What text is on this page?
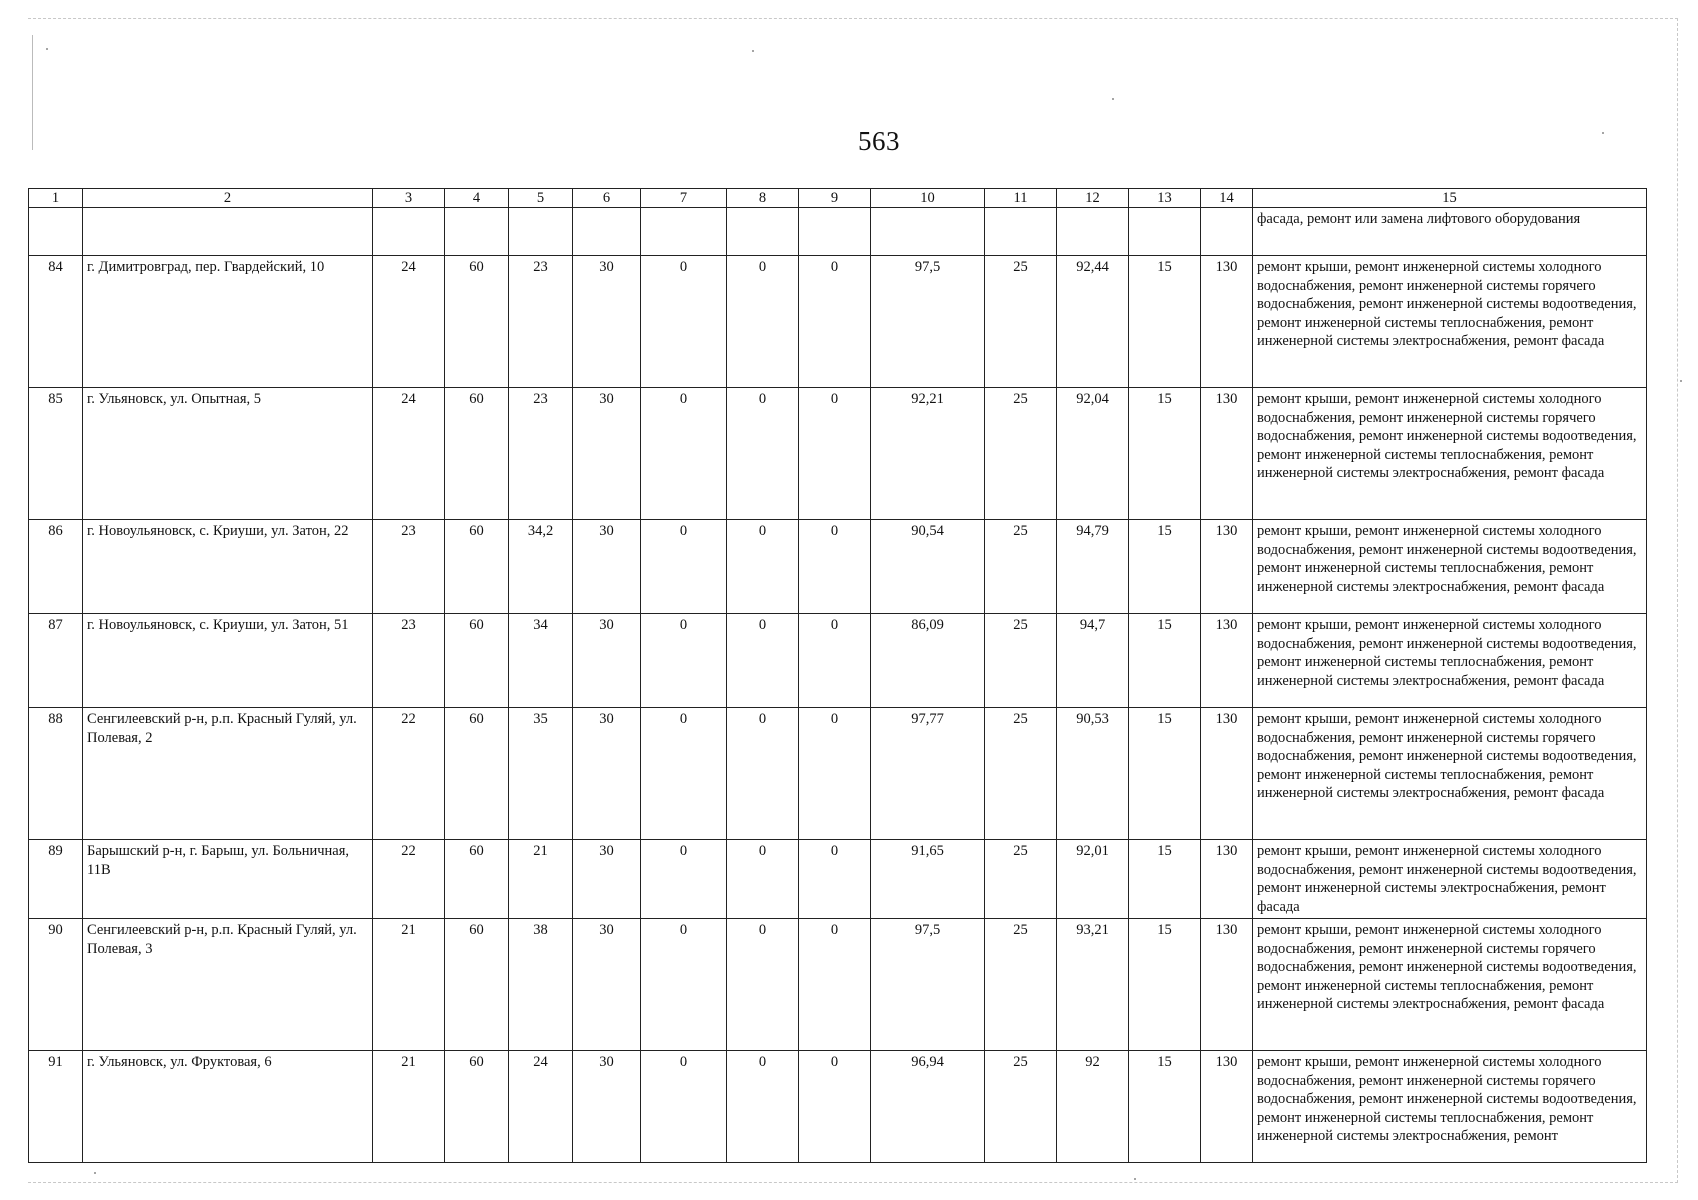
563
1	2	3	4	5	6	7	8	9	10	11	12	13	14	15
														фасада, ремонт или замена лифтового оборудования
84	г. Димитровград, пер. Гвардейский, 10	24	60	23	30	0	0	0	97,5	25	92,44	15	130	ремонт крыши, ремонт инженерной системы холодного водоснабжения, ремонт инженерной системы горячего водоснабжения, ремонт инженерной системы водоотведения, ремонт инженерной системы теплоснабжения, ремонт инженерной системы электроснабжения, ремонт фасада
85	г. Ульяновск, ул. Опытная, 5	24	60	23	30	0	0	0	92,21	25	92,04	15	130	ремонт крыши, ремонт инженерной системы холодного водоснабжения, ремонт инженерной системы горячего водоснабжения, ремонт инженерной системы водоотведения, ремонт инженерной системы теплоснабжения, ремонт инженерной системы электроснабжения, ремонт фасада
86	г. Новоульяновск, с. Криуши, ул. Затон, 22	23	60	34,2	30	0	0	0	90,54	25	94,79	15	130	ремонт крыши, ремонт инженерной системы холодного водоснабжения, ремонт инженерной системы водоотведения, ремонт инженерной системы теплоснабжения, ремонт инженерной системы электроснабжения, ремонт фасада
87	г. Новоульяновск, с. Криуши, ул. Затон, 51	23	60	34	30	0	0	0	86,09	25	94,7	15	130	ремонт крыши, ремонт инженерной системы холодного водоснабжения, ремонт инженерной системы водоотведения, ремонт инженерной системы теплоснабжения, ремонт инженерной системы электроснабжения, ремонт фасада
88	Сенгилеевский р-н, р.п. Красный Гуляй, ул. Полевая, 2	22	60	35	30	0	0	0	97,77	25	90,53	15	130	ремонт крыши, ремонт инженерной системы холодного водоснабжения, ремонт инженерной системы горячего водоснабжения, ремонт инженерной системы водоотведения, ремонт инженерной системы теплоснабжения, ремонт инженерной системы электроснабжения, ремонт фасада
89	Барышский р-н, г. Барыш, ул. Больничная, 11В	22	60	21	30	0	0	0	91,65	25	92,01	15	130	ремонт крыши, ремонт инженерной системы холодного водоснабжения, ремонт инженерной системы водоотведения, ремонт инженерной системы электроснабжения, ремонт фасада
90	Сенгилеевский р-н, р.п. Красный Гуляй, ул. Полевая, 3	21	60	38	30	0	0	0	97,5	25	93,21	15	130	ремонт крыши, ремонт инженерной системы холодного водоснабжения, ремонт инженерной системы горячего водоснабжения, ремонт инженерной системы водоотведения, ремонт инженерной системы теплоснабжения, ремонт инженерной системы электроснабжения, ремонт фасада
91	г. Ульяновск, ул. Фруктовая, 6	21	60	24	30	0	0	0	96,94	25	92	15	130	ремонт крыши, ремонт инженерной системы холодного водоснабжения, ремонт инженерной системы горячего водоснабжения, ремонт инженерной системы водоотведения, ремонт инженерной системы теплоснабжения, ремонт инженерной системы электроснабжения, ремонт
